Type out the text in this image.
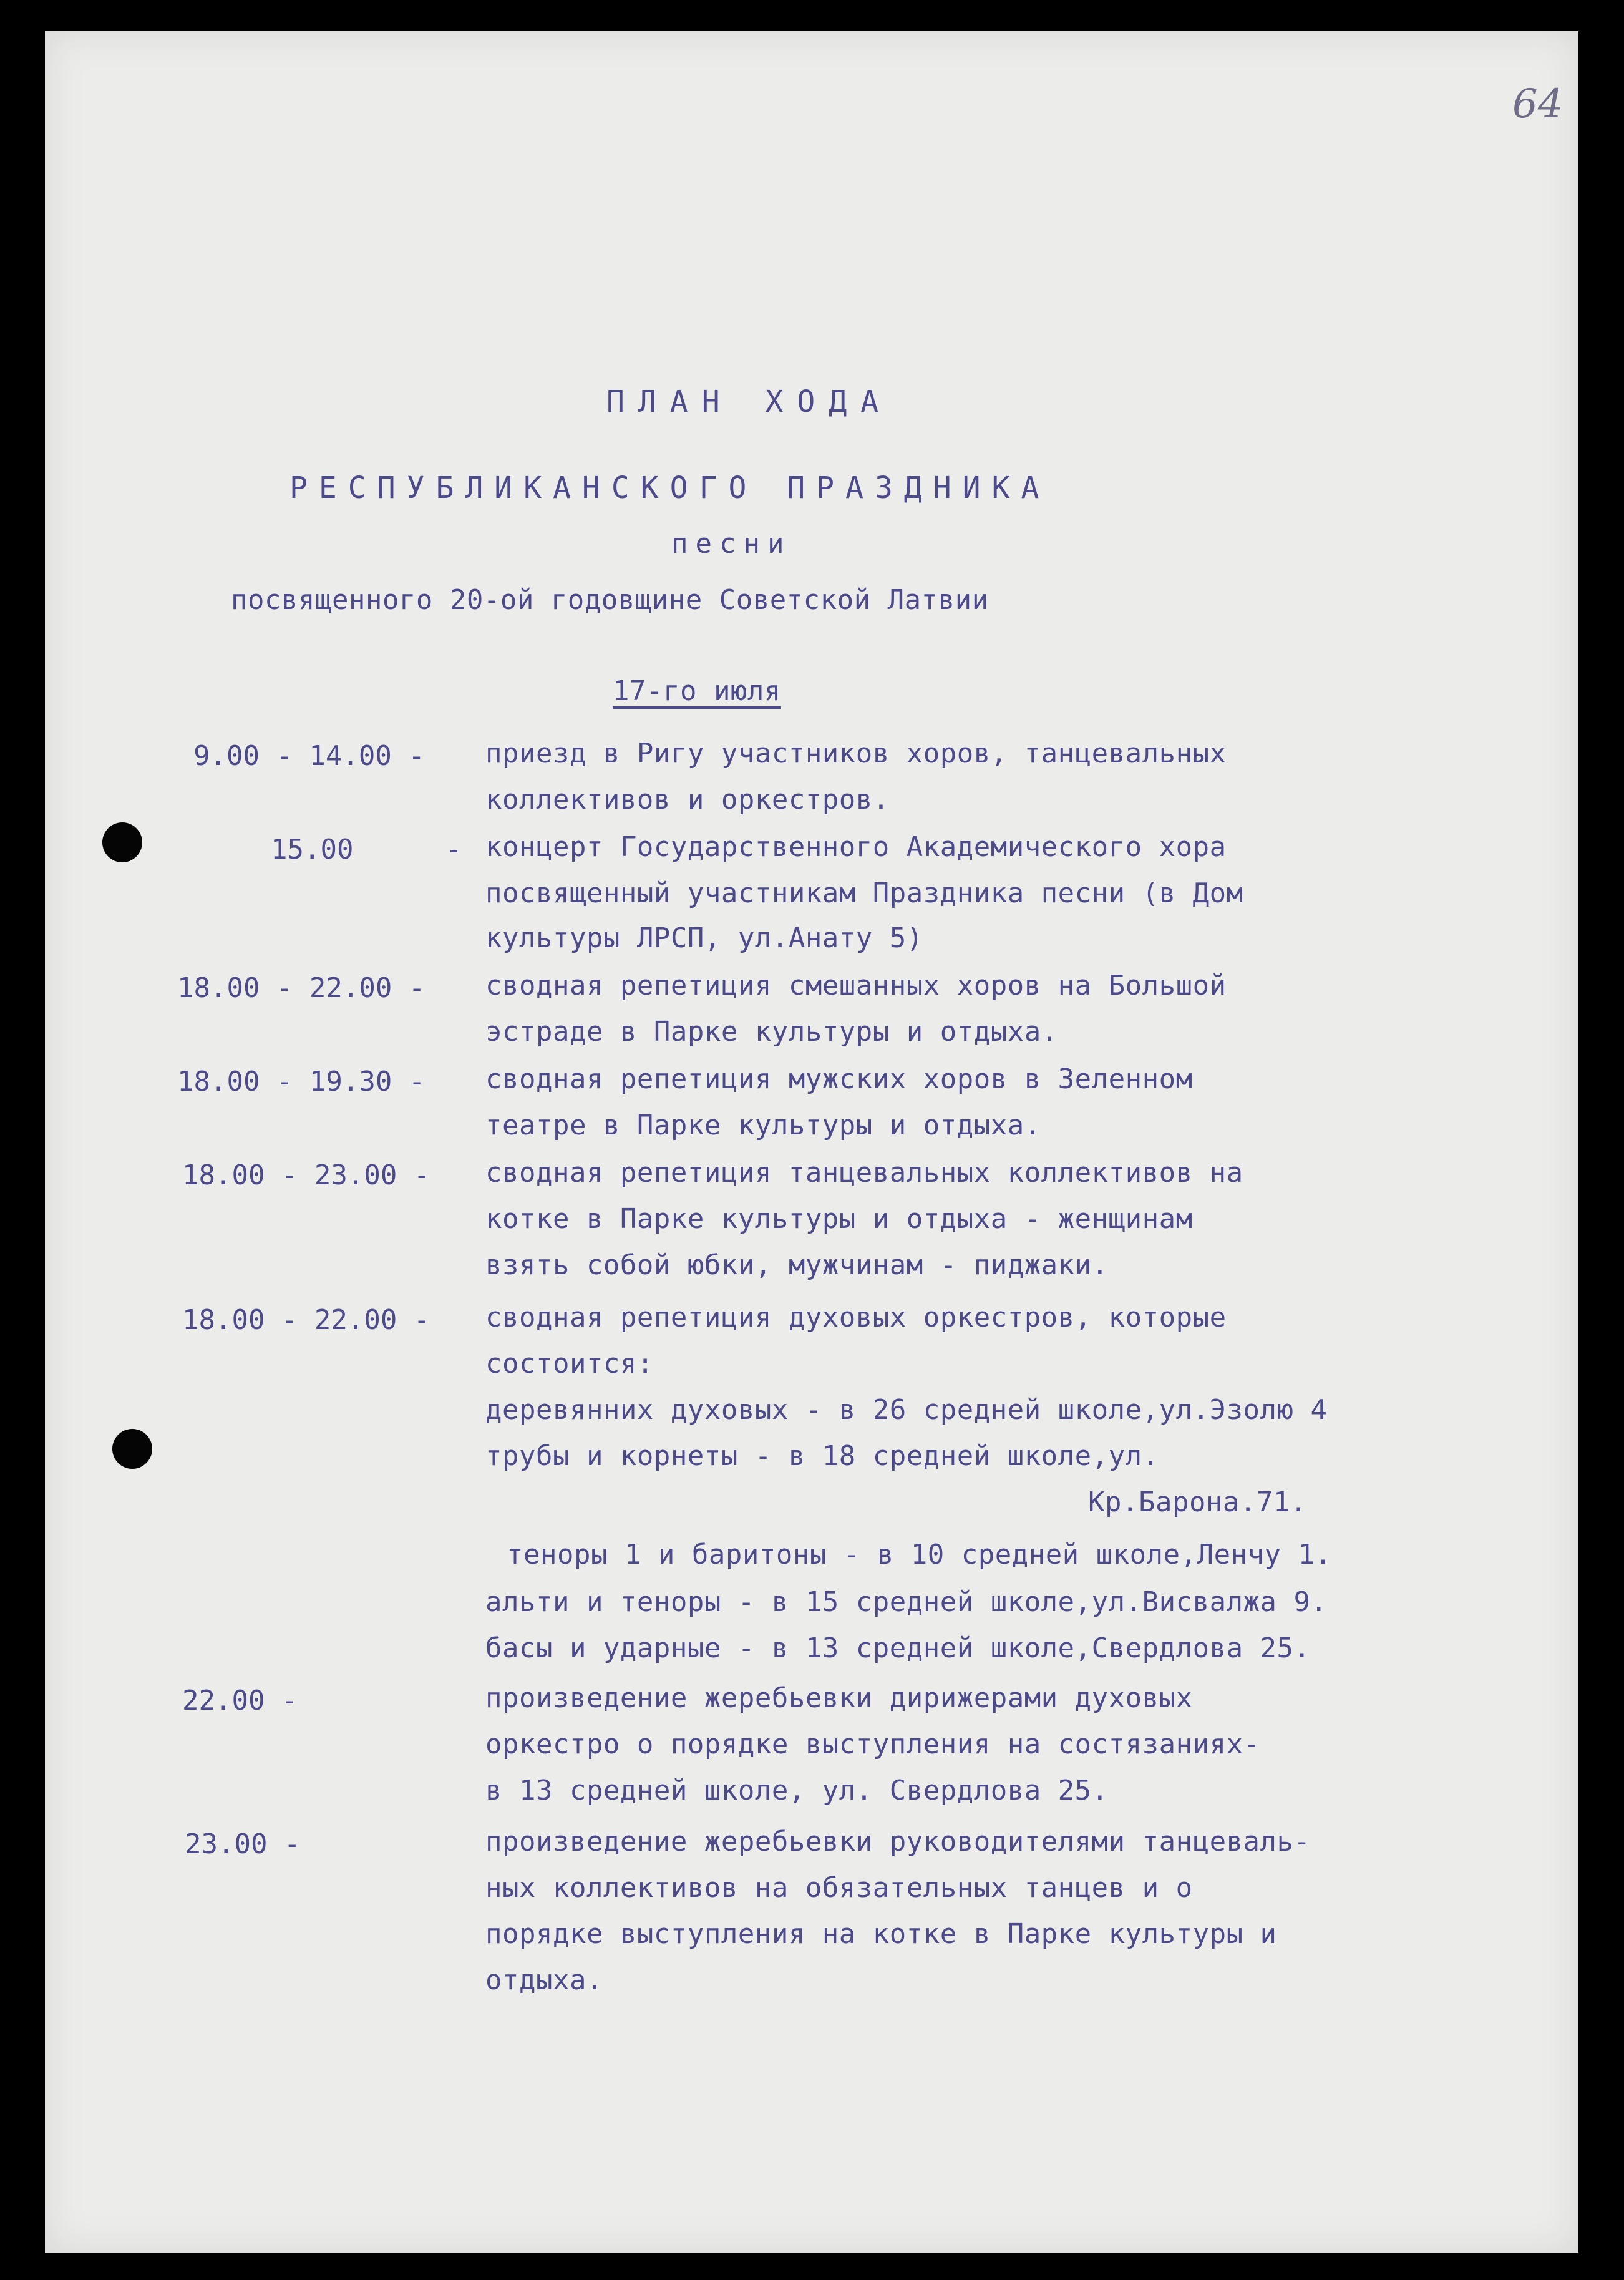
64
ПЛАН ХОДА
РЕСПУБЛИКАНСКОГО ПРАЗДНИКА
песни
посвященного 20-ой годовщине Советской Латвии
17-го июля
9.00 - 14.00 - приезд в Ригу участников хоров, танцевальных
коллективов и оркестров.
15.00	- концерт Государственного Академического хора
посвященный участникам Праздника песни (в Дом
культуры ЛРСП, ул.Анату 5)
18.00 - 22.00 - сводная репетиция смешанных хоров на Большой
эстраде в Парке культуры и отдыха.
18.00 - 19.30 - сводная репетиция мужских хоров в Зеленном
театре в Парке культуры и отдыха.
18.00 - 23.00 - сводная репетиция танцевальных коллективов на
котке в Парке культуры и отдыха - женщинам
взять собой юбки, мужчинам - пиджаки.
18.00 - 22.00 - сводная репетиция духовых оркестров, которые
состоится:
деревянних духовых - в 26 средней школе,ул.Эзолю 4
трубы и корнеты - в 18 средней школе,ул.
Кр.Барона.71.
теноры 1 и баритоны - в 10 средней школе,Ленчу 1.
альти и теноры - в 15 средней школе,ул.Висвалжа 9.
басы и ударные - в 13 средней школе,Свердлова 25.
22.00 -	произведение жеребьевки дирижерами духовых
оркестро о порядке выступления на состязаниях-
в 13 средней школе, ул. Свердлова 25.
23.00 -	произведение жеребьевки руководителями танцеваль-
ных коллективов на обязательных танцев и о
порядке выступления на котке в Парке культуры и
отдыха.
